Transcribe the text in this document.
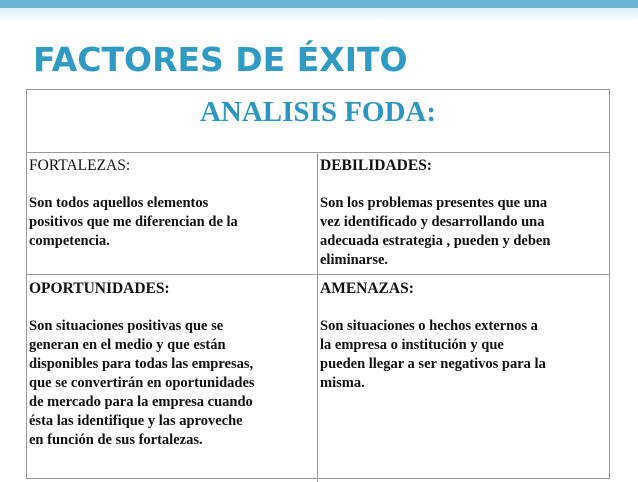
FACTORES DE ÉXITO
ANALISIS FODA:
FORTALEZAS:
Son todos aquellos elementos
positivos que me diferencian de la
competencia.
DEBILIDADES:
Son los problemas presentes que una
vez identificado y desarrollando una
adecuada estrategia , pueden y deben
eliminarse.
OPORTUNIDADES:
Son situaciones positivas que se
generan en el medio y que están
disponibles para todas las empresas,
que se convertirán en oportunidades
de mercado para la empresa cuando
ésta las identifique y las aproveche
en función de sus fortalezas.
AMENAZAS:
Son situaciones o hechos externos a
la empresa o institución y que
pueden llegar a ser negativos para la
misma.
